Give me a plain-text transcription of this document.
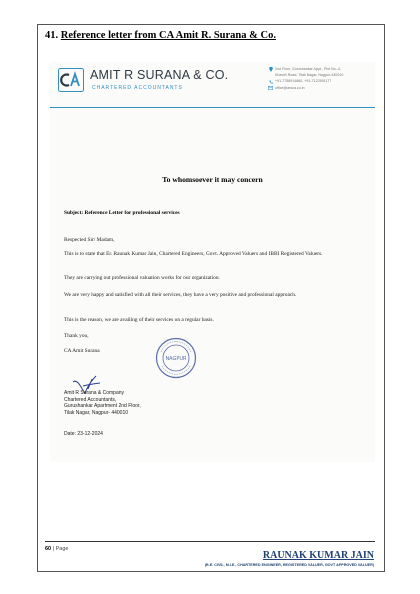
41. Reference letter from CA Amit R. Surana & Co.
AMIT R SURANA & CO.
CHARTERED ACCOUNTANTS
2nd Floor, Gurushankar Appt., Plot No.-4,
Khaveli Road, Tilak Nagar, Nagpur-440010
+91-7758914860, +91-7122591177
office@arsca.co.in
To whomsoever it may concern
Subject: Reference Letter for professional services
Respected Sir/ Madam,
This is to state that Er. Raunak Kumar Jain, Chartered Engineers, Govt. Approved Valuers and IBBI Registered Valuers.
They are carrying out professional valuation works for our organization.
We are very happy and satisfied with all their services, they have a very positive and professional approach.
This is the reason, we are availing of their services on a regular basis.
Thank you,
CA Amit Surana
NAGPUR
Amit R Surana & Company
Chartered Accountants,
Gurushankar Apartment 2nd Floor,
Tilak Nagar, Nagpur- 440010
Date: 23-12-2024
60 | Page
RAUNAK KUMAR JAIN
(B.E. CIVIL, M.I.E., CHARTERED ENGINEER, REGISTERED VALUER, GOVT APPROVED VALUER)
